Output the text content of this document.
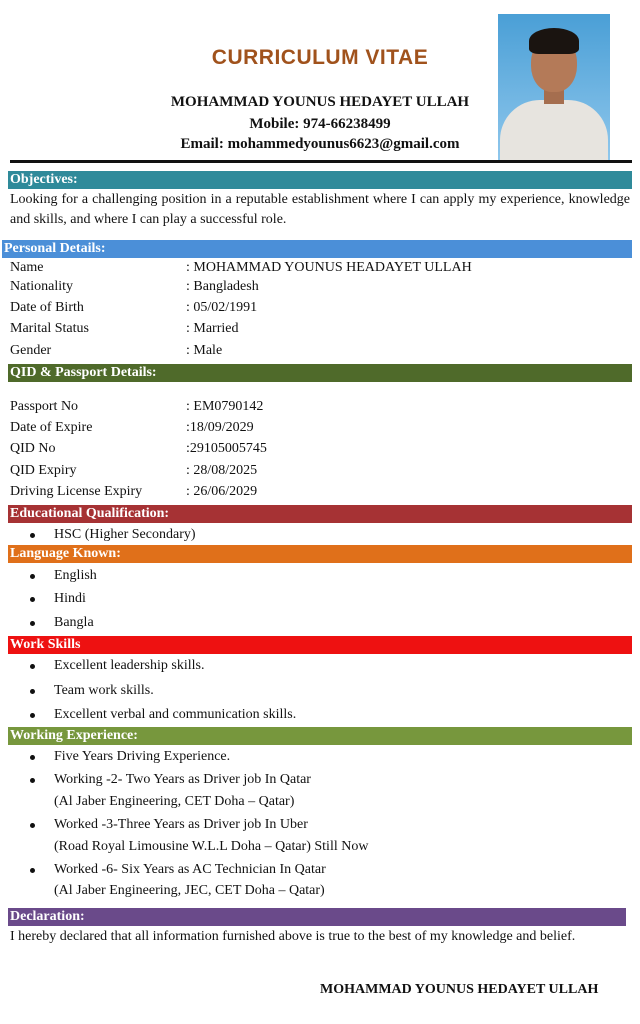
CURRICULUM VITAE
MOHAMMAD YOUNUS HEDAYET ULLAH
Mobile: 974-66238499
Email: mohammedyounus6623@gmail.com
Objectives:
Looking for a challenging position in a reputable establishment where I can apply my experience, knowledge and skills, and where I can play a successful role.
Personal Details:
Name	: MOHAMMAD YOUNUS HEADAYET ULLAH
Nationality	: Bangladesh
Date of Birth	: 05/02/1991
Marital Status	: Married
Gender	: Male
QID & Passport Details:
Passport No	: EM0790142
Date of Expire	:18/09/2029
QID No	:29105005745
QID Expiry	: 28/08/2025
Driving License Expiry	: 26/06/2029
Educational Qualification:
HSC (Higher Secondary)
Language Known:
English
Hindi
Bangla
Work Skills
Excellent leadership skills.
Team work skills.
Excellent verbal and communication skills.
Working Experience:
Five Years Driving Experience.
Working -2- Two Years as Driver job In Qatar
(Al Jaber Engineering, CET Doha – Qatar)
Worked -3-Three Years as Driver job In Uber
(Road Royal Limousine W.L.L Doha – Qatar) Still Now
Worked -6- Six Years as AC Technician In Qatar
(Al Jaber Engineering, JEC, CET Doha – Qatar)
Declaration:
I hereby declared that all information furnished above is true to the best of my knowledge and belief.
MOHAMMAD YOUNUS HEDAYET ULLAH
